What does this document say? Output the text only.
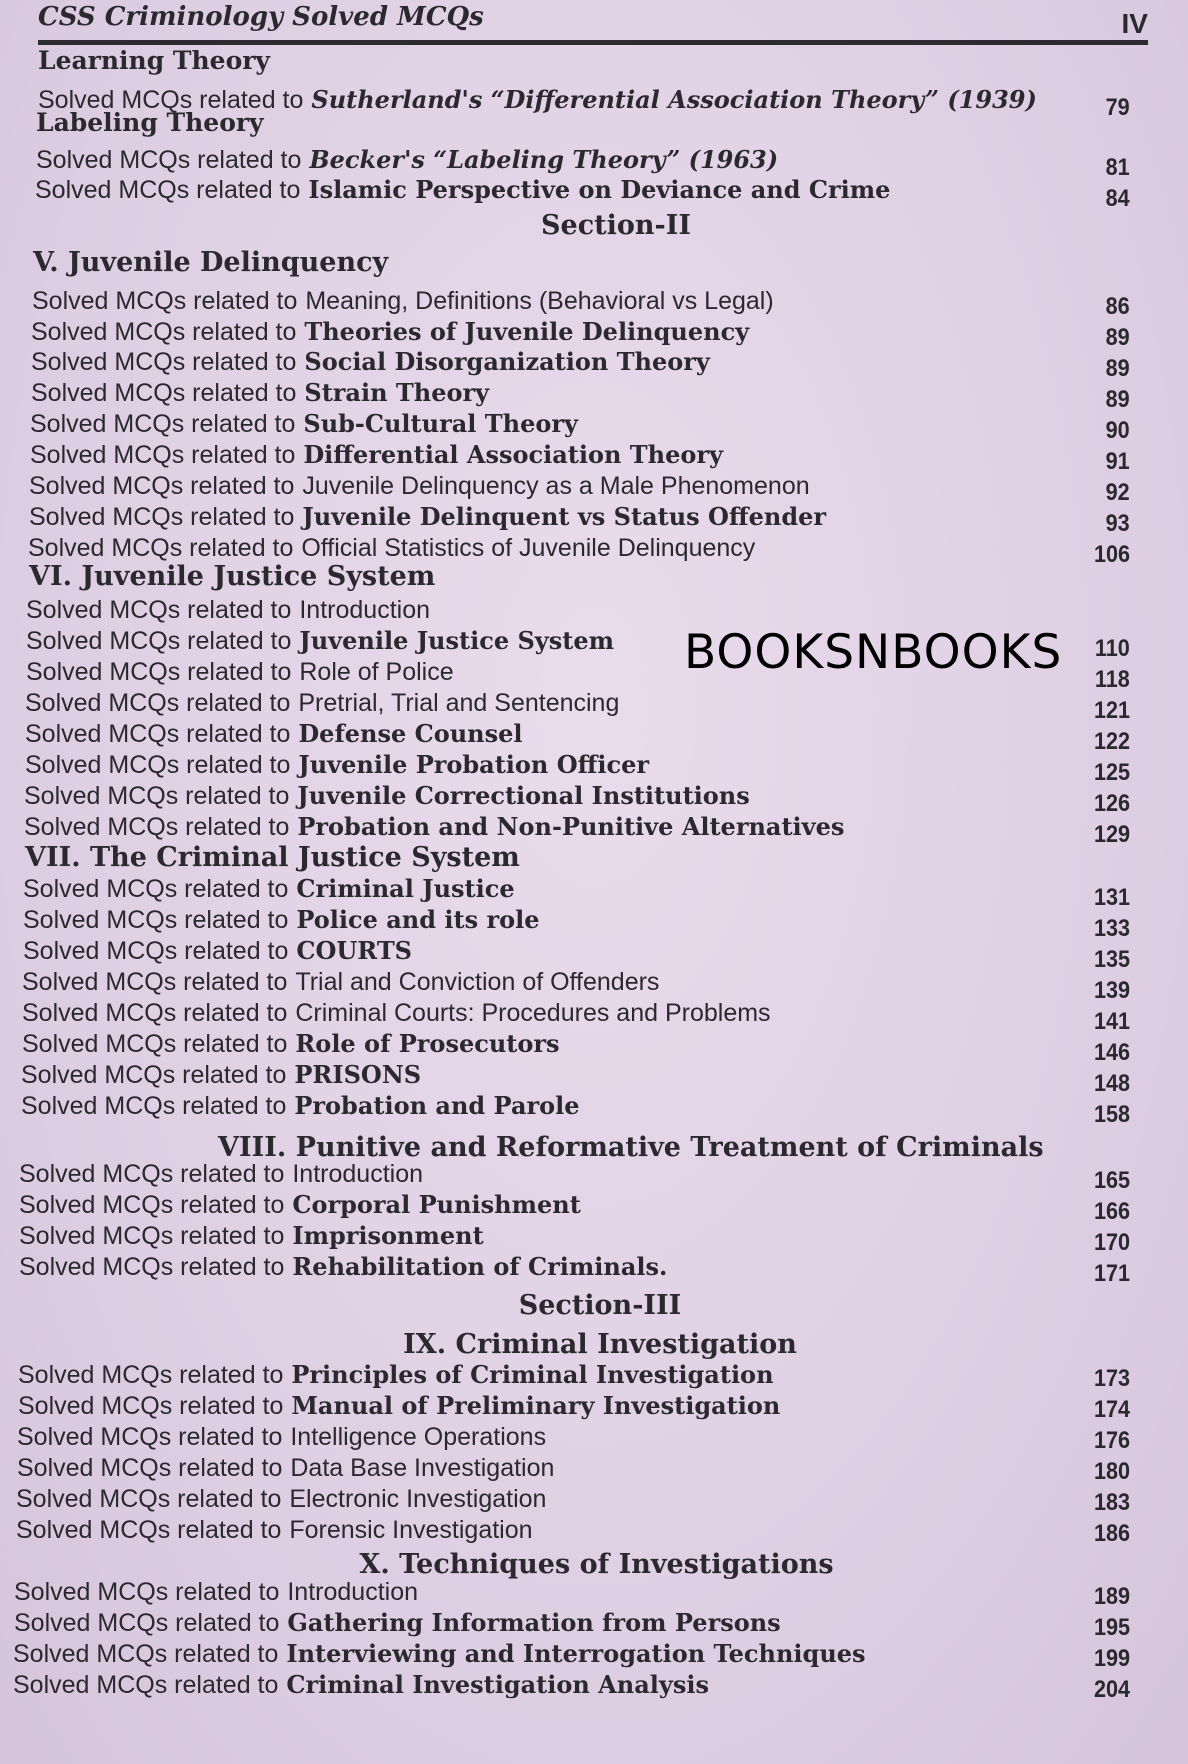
CSS Criminology Solved MCQs	IV
Learning Theory
Labeling Theory
Section-II
V. Juvenile Delinquency
VI. Juvenile Justice System
VII. The Criminal Justice System
VIII. Punitive and Reformative Treatment of Criminals
Section-III
IX. Criminal Investigation
X. Techniques of Investigations
Solved MCQs related to Sutherland's “Differential Association Theory” (1939)	79
Solved MCQs related to Becker's “Labeling Theory” (1963)	81
Solved MCQs related to Islamic Perspective on Deviance and Crime	84
Solved MCQs related to Meaning, Definitions (Behavioral vs Legal)	86
Solved MCQs related to Theories of Juvenile Delinquency	89
Solved MCQs related to Social Disorganization Theory	89
Solved MCQs related to Strain Theory	89
Solved MCQs related to Sub-Cultural Theory	90
Solved MCQs related to Differential Association Theory	91
Solved MCQs related to Juvenile Delinquency as a Male Phenomenon	92
Solved MCQs related to Juvenile Delinquent vs Status Offender	93
Solved MCQs related to Official Statistics of Juvenile Delinquency	106
Solved MCQs related to Introduction
Solved MCQs related to Juvenile Justice System	110
Solved MCQs related to Role of Police	118
Solved MCQs related to Pretrial, Trial and Sentencing	121
Solved MCQs related to Defense Counsel	122
Solved MCQs related to Juvenile Probation Officer	125
Solved MCQs related to Juvenile Correctional Institutions	126
Solved MCQs related to Probation and Non-Punitive Alternatives	129
Solved MCQs related to Criminal Justice	131
Solved MCQs related to Police and its role	133
Solved MCQs related to COURTS	135
Solved MCQs related to Trial and Conviction of Offenders	139
Solved MCQs related to Criminal Courts: Procedures and Problems	141
Solved MCQs related to Role of Prosecutors	146
Solved MCQs related to PRISONS	148
Solved MCQs related to Probation and Parole	158
Solved MCQs related to Introduction	165
Solved MCQs related to Corporal Punishment	166
Solved MCQs related to Imprisonment	170
Solved MCQs related to Rehabilitation of Criminals.	171
Solved MCQs related to Principles of Criminal Investigation	173
Solved MCQs related to Manual of Preliminary Investigation	174
Solved MCQs related to Intelligence Operations	176
Solved MCQs related to Data Base Investigation	180
Solved MCQs related to Electronic Investigation	183
Solved MCQs related to Forensic Investigation	186
Solved MCQs related to Introduction	189
Solved MCQs related to Gathering Information from Persons	195
Solved MCQs related to Interviewing and Interrogation Techniques	199
Solved MCQs related to Criminal Investigation Analysis	204
BOOKSNBOOKS
